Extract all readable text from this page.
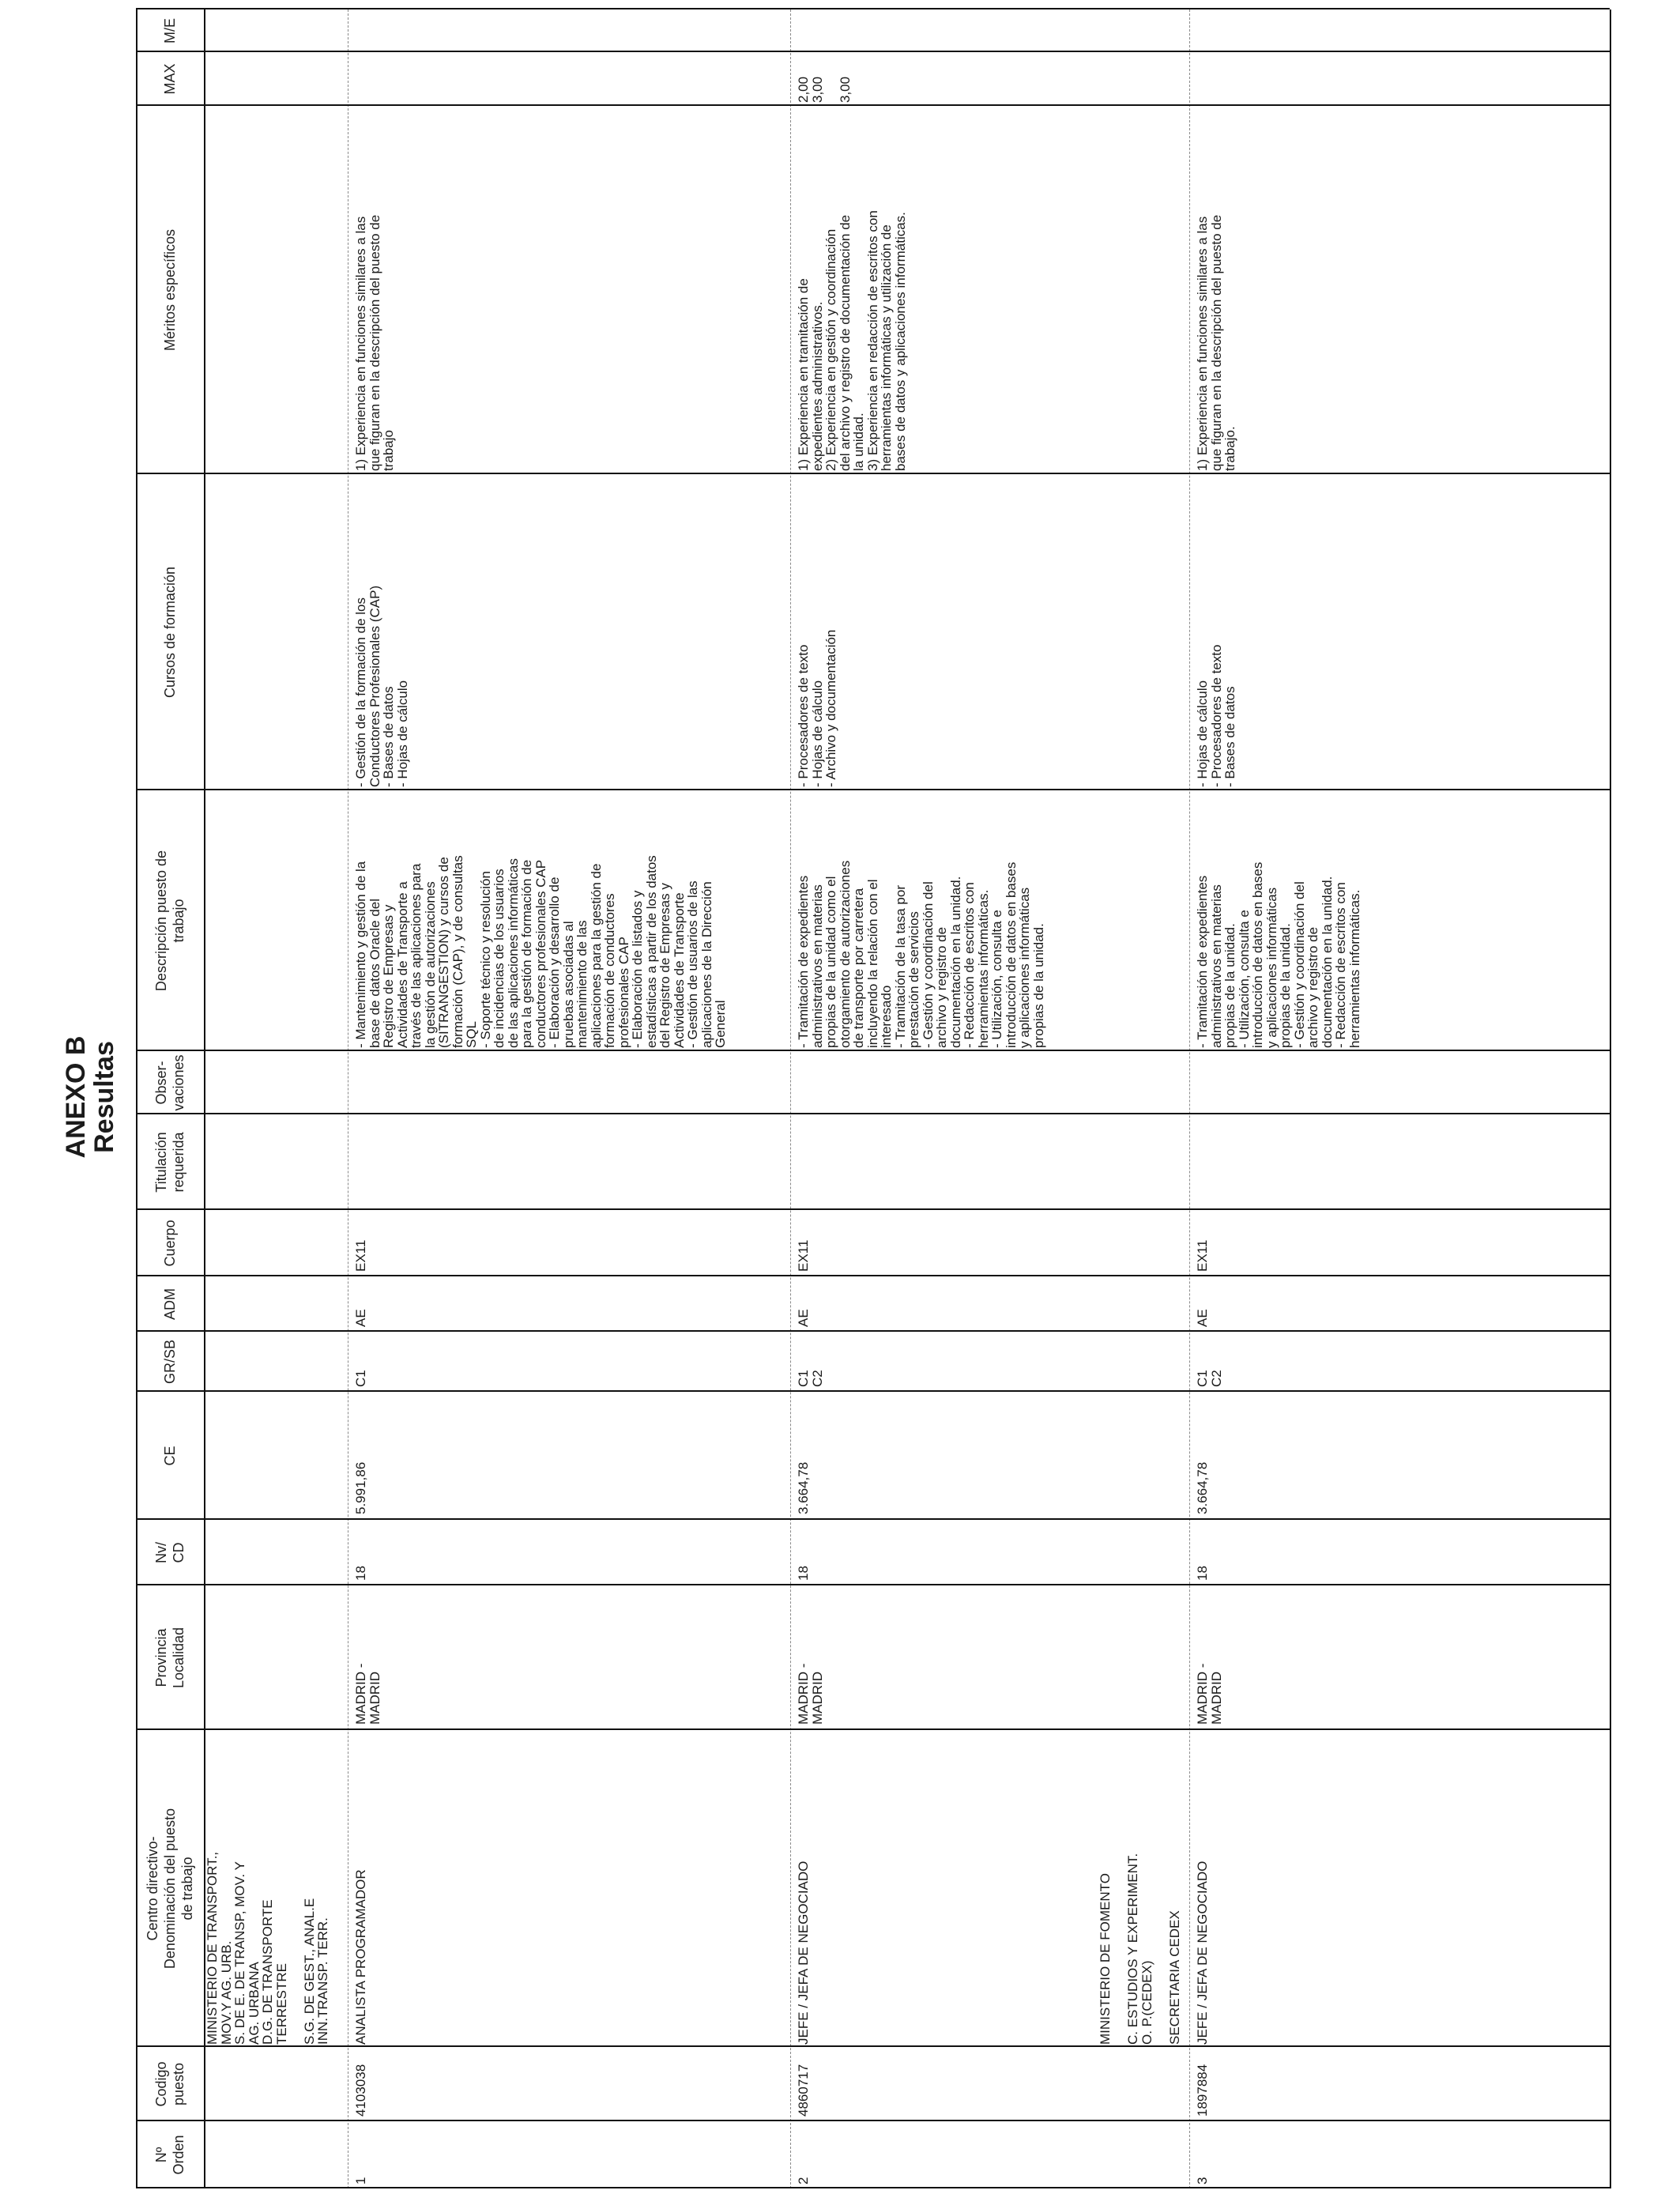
ANEXO B
Resultas
Nº
Orden
Codigo
puesto
Centro directivo-
Denominación del puesto
de trabajo
Provincia
Localidad
Nv/
CD
CE
GR/SB
ADM
Cuerpo
Titulación
requerida
Obser-
vaciones
Descripción puesto de
trabajo
Cursos de formación
Méritos específicos
MAX
M/E
MINISTERIO DE TRANSPORT.,
MOV.Y AG. URB.
S. DE E. DE TRANSP, MOV. Y
AG. URBANA
D.G. DE TRANSPORTE
TERRESTRE

S.G. DE GEST., ANAL.E
INN.TRANSP. TERR.
MINISTERIO DE FOMENTO

C. ESTUDIOS Y EXPERIMENT.
O. P.(CEDEX)

SECRETARIA CEDEX
1
4103038
ANALISTA PROGRAMADOR
MADRID -
MADRID
18
5.991,86
C1
AE
EX11
- Mantenimiento y gestión de la
base de datos Oracle del
Registro de Empresas y
Actividades de Transporte a
través de las aplicaciones para
la gestión de autorizaciones
(SITRANGESTION) y cursos de
formación (CAP), y de consultas
SQL
- Soporte técnico y resolución
de incidencias de los usuarios
de las aplicaciones informáticas
para la gestión de formación de
conductores profesionales CAP
- Elaboración y desarrollo de
pruebas asociadas al
mantenimiento de las
aplicaciones para la gestión de
formación de conductores
profesionales CAP
- Elaboración de listados y
estadísticas a partir de los datos
del Registro de Empresas y
Actividades de Transporte
- Gestión de usuarios de las
aplicaciones de la Dirección
General
- Gestión de la formación de los
Conductores Profesionales (CAP)
- Bases de datos
- Hojas de cálculo
1) Experiencia en funciones similares a las
que figuran en la descripción del puesto de
trabajo
2
4860717
JEFE / JEFA DE NEGOCIADO
MADRID -
MADRID
18
3.664,78
C1
C2
AE
EX11
- Tramitación de expedientes
administrativos en materias
propias de la unidad como el
otorgamiento de autorizaciones
de transporte por carretera
incluyendo la relación con el
interesado
- Tramitación de la tasa por
prestación de servicios
- Gestión y coordinación del
archivo y registro de
documentación en la unidad.
- Redacción de escritos con
herramientas informáticas.
- Utilización, consulta e
introducción de datos en bases
y aplicaciones informáticas
propias de la unidad.
- Procesadores de texto
- Hojas de cálculo
- Archivo y documentación
1) Experiencia en tramitación de
expedientes administrativos.
2) Experiencia en gestión y coordinación
del archivo y registro de documentación de
la unidad.
3) Experiencia en redacción de escritos con
herramientas informáticas y utilización de
bases de datos y aplicaciones informáticas.
2,00
3,00

3,00
3
1897884
JEFE / JEFA DE NEGOCIADO
MADRID -
MADRID
18
3.664,78
C1
C2
AE
EX11
- Tramitación de expedientes
administrativos en materias
propias de la unidad.
- Utilización, consulta e
introducción de datos en bases
y aplicaciones informáticas
propias de la unidad.
- Gestión y coordinación del
archivo y registro de
documentación en la unidad.
- Redacción de escritos con
herramientas informáticas.
- Hojas de cálculo
- Procesadores de texto
- Bases de datos
1) Experiencia en funciones similares a las
que figuran en la descripción del puesto de
trabajo.
